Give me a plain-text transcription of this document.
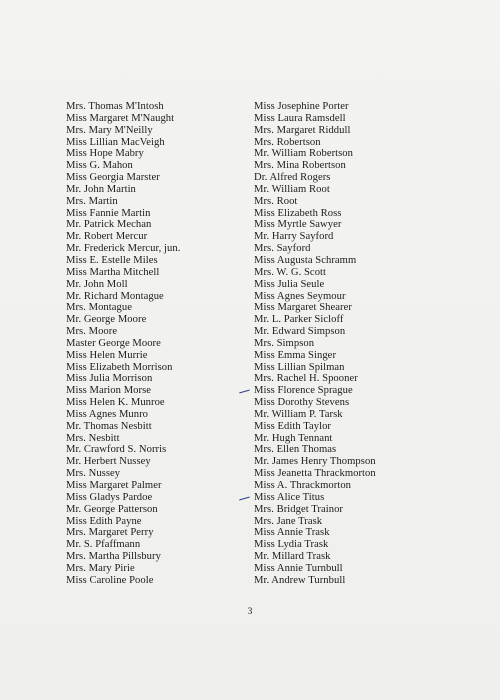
Mrs. Thomas M'Intosh
Miss Margaret M'Naught
Mrs. Mary M'Neilly
Miss Lillian MacVeigh
Miss Hope Mabry
Miss G. Mahon
Miss Georgia Marster
Mr. John Martin
Mrs. Martin
Miss Fannie Martin
Mr. Patrick Mechan
Mr. Robert Mercur
Mr. Frederick Mercur, jun.
Miss E. Estelle Miles
Miss Martha Mitchell
Mr. John Moll
Mr. Richard Montague
Mrs. Montague
Mr. George Moore
Mrs. Moore
Master George Moore
Miss Helen Murrie
Miss Elizabeth Morrison
Miss Julia Morrison
Miss Marion Morse
Miss Helen K. Munroe
Miss Agnes Munro
Mr. Thomas Nesbitt
Mrs. Nesbitt
Mr. Crawford S. Norris
Mr. Herbert Nussey
Mrs. Nussey
Miss Margaret Palmer
Miss Gladys Pardoe
Mr. George Patterson
Miss Edith Payne
Mrs. Margaret Perry
Mr. S. Pfaffmann
Mrs. Martha Pillsbury
Mrs. Mary Pirie
Miss Caroline Poole
Miss Josephine Porter
Miss Laura Ramsdell
Mrs. Margaret Riddull
Mrs. Robertson
Mr. William Robertson
Mrs. Mina Robertson
Dr. Alfred Rogers
Mr. William Root
Mrs. Root
Miss Elizabeth Ross
Miss Myrtle Sawyer
Mr. Harry Sayford
Mrs. Sayford
Miss Augusta Schramm
Mrs. W. G. Scott
Miss Julia Seule
Miss Agnes Seymour
Miss Margaret Shearer
Mr. L. Parker Sicloff
Mr. Edward Simpson
Mrs. Simpson
Miss Emma Singer
Miss Lillian Spilman
Mrs. Rachel H. Spooner
Miss Florence Sprague
Miss Dorothy Stevens
Mr. William P. Tarsk
Miss Edith Taylor
Mr. Hugh Tennant
Mrs. Ellen Thomas
Mr. James Henry Thompson
Miss Jeanetta Thrackmorton
Miss A. Thrackmorton
Miss Alice Titus
Mrs. Bridget Trainor
Mrs. Jane Trask
Miss Annie Trask
Miss Lydia Trask
Mr. Millard Trask
Miss Annie Turnbull
Mr. Andrew Turnbull
3
